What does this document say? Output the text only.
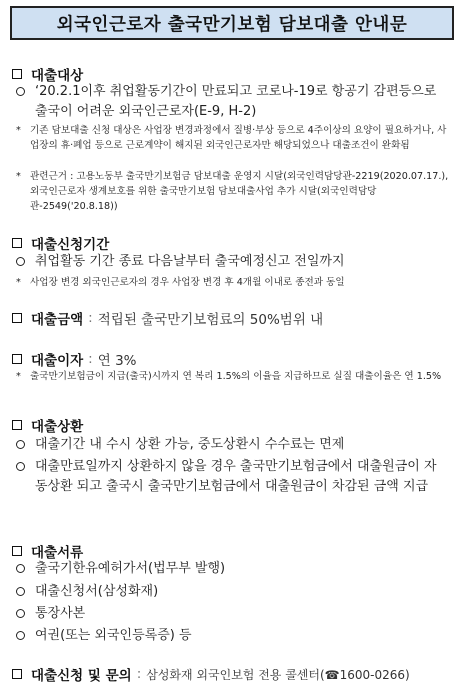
외국인근로자 출국만기보험 담보대출 안내문
대출대상
‘20.2.1이후 취업활동기간이 만료되고 코로나-19로 항공기 감편등으로 출국이 어려운 외국인근로자(E-9, H-2)
* 기존 담보대출 신청 대상은 사업장 변경과정에서 질병·부상 등으로 4주이상의 요양이 필요하거나, 사업장의 휴·폐업 등으로 근로계약이 해지된 외국인근로자만 해당되었으나 대출조건이 완화됨
* 관련근거 : 고용노동부 출국만기보험금 담보대출 운영지 시달(외국인력담당관-2219(2020.07.17.), 외국인근로자 생계보호를 위한 출국만기보험 담보대출사업 추가 시달(외국인력담당관-2549('20.8.18))
대출신청기간
취업활동 기간 종료 다음날부터 출국예정신고 전일까지
* 사업장 변경 외국인근로자의 경우 사업장 변경 후 4개월 이내로 종전과 동일
대출금액 : 적립된 출국만기보험료의 50%범위 내
대출이자 : 연 3%
* 출국만기보험금이 지급(출국)시까지 연 복리 1.5%의 이율을 지급하므로 실질 대출이율은 연 1.5%
대출상환
대출기간 내 수시 상환 가능, 중도상환시 수수료는 면제
대출만료일까지 상환하지 않을 경우 출국만기보험금에서 대출원금이 자동상환 되고 출국시 출국만기보험금에서 대출원금이 차감된 금액 지급
대출서류
출국기한유예허가서(법무부 발행)
대출신청서(삼성화재)
통장사본
여권(또는 외국인등록증) 등
대출신청 및 문의 : 삼성화재 외국인보험 전용 콜센터(☎1600-0266)
